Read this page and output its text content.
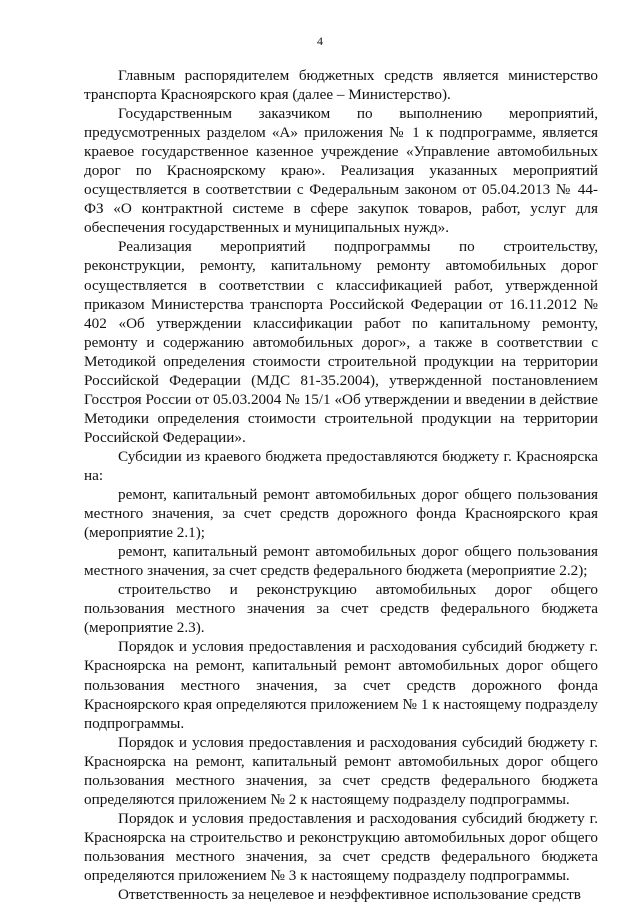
4

Главным распорядителем бюджетных средств является министерство транспорта Красноярского края (далее – Министерство).

Государственным заказчиком по выполнению мероприятий, предусмотренных разделом «А» приложения № 1 к подпрограмме, является краевое государственное казенное учреждение «Управление автомобильных дорог по Красноярскому краю». Реализация указанных мероприятий осуществляется в соответствии с Федеральным законом от 05.04.2013 № 44-ФЗ «О контрактной системе в сфере закупок товаров, работ, услуг для обеспечения государственных и муниципальных нужд».

Реализация мероприятий подпрограммы по строительству, реконструкции, ремонту, капитальному ремонту автомобильных дорог осуществляется в соответствии с классификацией работ, утвержденной приказом Министерства транспорта Российской Федерации от 16.11.2012 № 402 «Об утверждении классификации работ по капитальному ремонту, ремонту и содержанию автомобильных дорог», а также в соответствии с Методикой определения стоимости строительной продукции на территории Российской Федерации (МДС 81-35.2004), утвержденной постановлением Госстроя России от 05.03.2004 № 15/1 «Об утверждении и введении в действие Методики определения стоимости строительной продукции на территории Российской Федерации».

Субсидии из краевого бюджета предоставляются бюджету г. Красноярска на:

ремонт, капитальный ремонт автомобильных дорог общего пользования местного значения, за счет средств дорожного фонда Красноярского края (мероприятие 2.1);

ремонт, капитальный ремонт автомобильных дорог общего пользования местного значения, за счет средств федерального бюджета (мероприятие 2.2);

строительство и реконструкцию автомобильных дорог общего пользования местного значения за счет средств федерального бюджета (мероприятие 2.3).

Порядок и условия предоставления и расходования субсидий бюджету г. Красноярска на ремонт, капитальный ремонт автомобильных дорог общего пользования местного значения, за счет средств дорожного фонда Красноярского края определяются приложением № 1 к настоящему подразделу подпрограммы.

Порядок и условия предоставления и расходования субсидий бюджету г. Красноярска на ремонт, капитальный ремонт автомобильных дорог общего пользования местного значения, за счет средств федерального бюджета определяются приложением № 2 к настоящему подразделу подпрограммы.

Порядок и условия предоставления и расходования субсидий бюджету г. Красноярска на строительство и реконструкцию автомобильных дорог общего пользования местного значения, за счет средств федерального бюджета определяются приложением № 3 к настоящему подразделу подпрограммы.

Ответственность за нецелевое и неэффективное использование средств
